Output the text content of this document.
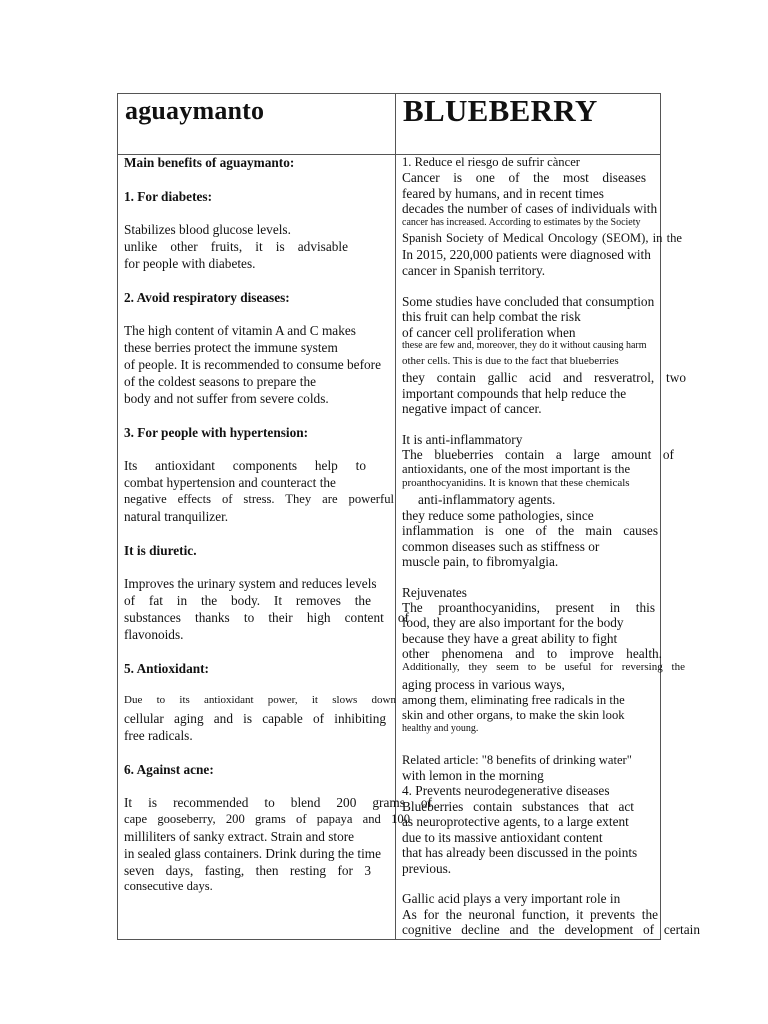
aguaymanto	BLUEBERRY

Main benefits of aguaymanto:

1. For diabetes:

Stabilizes blood glucose levels.

unlike other fruits, it is advisable

for people with diabetes.

2. Avoid respiratory diseases:

The high content of vitamin A and C makes

these berries protect the immune system

of people. It is recommended to consume before

of the coldest seasons to prepare the

body and not suffer from severe colds.

3. For people with hypertension:

Its antioxidant components help to

combat hypertension and counteract the

negative effects of stress. They are powerful

natural tranquilizer.

It is diuretic.

Improves the urinary system and reduces levels

of fat in the body. It removes the

substances thanks to their high content of

flavonoids.

5. Antioxidant:

Due to its antioxidant power, it slows down

cellular aging and is capable of inhibiting

free radicals.

6. Against acne:

It is recommended to blend 200 grams of

cape gooseberry, 200 grams of papaya and 100

milliliters of sanky extract. Strain and store

in sealed glass containers. Drink during the time

seven days, fasting, then resting for 3

consecutive days.

1. Reduce el riesgo de sufrir càncer

Cancer is one of the most diseases

feared by humans, and in recent times

decades the number of cases of individuals with

cancer has increased. According to estimates by the Society

Spanish Society of Medical Oncology (SEOM), in the

In 2015, 220,000 patients were diagnosed with

cancer in Spanish territory.

Some studies have concluded that consumption

this fruit can help combat the risk

of cancer cell proliferation when

these are few and, moreover, they do it without causing harm

other cells. This is due to the fact that blueberries

they contain gallic acid and resveratrol, two

important compounds that help reduce the

negative impact of cancer.

It is anti-inflammatory

The blueberries contain a large amount of

antioxidants, one of the most important is the

proanthocyanidins. It is known that these chemicals

anti-inflammatory agents.

they reduce some pathologies, since

inflammation is one of the main causes

common diseases such as stiffness or

muscle pain, to fibromyalgia.

Rejuvenates

The proanthocyanidins, present in this

food, they are also important for the body

because they have a great ability to fight

other phenomena and to improve health.

Additionally, they seem to be useful for reversing the

aging process in various ways,

among them, eliminating free radicals in the

skin and other organs, to make the skin look

healthy and young.

Related article: "8 benefits of drinking water"

with lemon in the morning

4. Prevents neurodegenerative diseases

Blueberries contain substances that act

as neuroprotective agents, to a large extent

due to its massive antioxidant content

that has already been discussed in the points

previous.

Gallic acid plays a very important role in

As for the neuronal function, it prevents the

cognitive decline and the development of certain
